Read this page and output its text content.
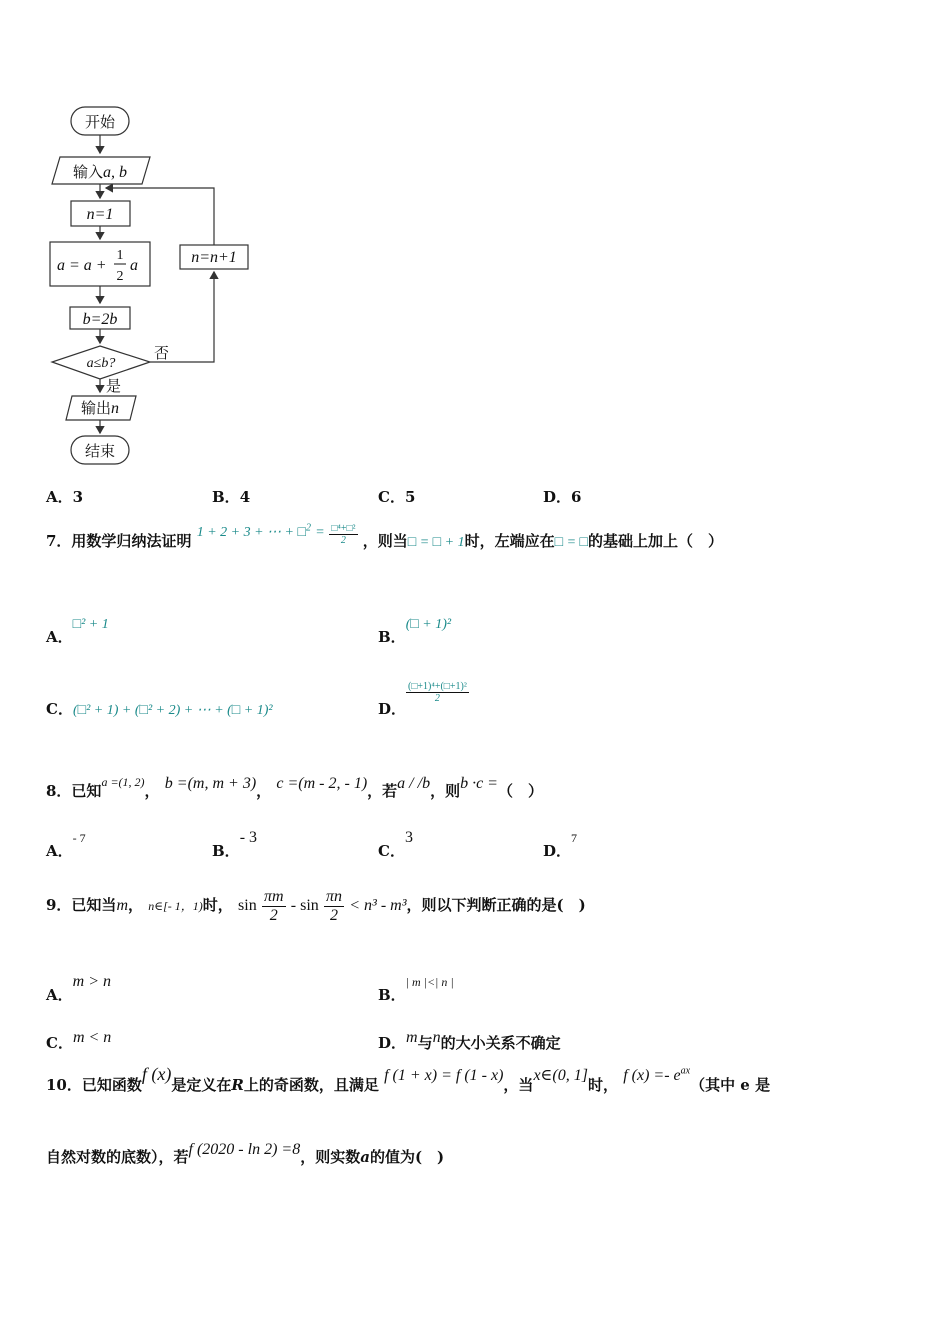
开始
输入a, b
n=1
a = a +
1
2
a
b=2b
a≤b?
否
是
n=n+1
输出n
结束
A．3	B．4	C．5	D．6
7．用数学归纳法证明 1 + 2 + 3 + ⋯ + □$^2$ = $\frac{\text{□⁴+□²}}{2}$ ，则当□ = □ + 1时，左端应在□ = □的基础上加上（　）
A．□² + 1
B．(□ + 1)²
C．(□² + 1) + (□² + 2) + ⋯ + (□ + 1)²	D．
$\frac{\text{(□+1)⁴+(□+1)²}}{2}$
8．已知a =(1, 2)， b =(m, m + 3)， c =(m - 2, - 1)，若a / /b，则b ·c =（　）
A．- 7
B．- 3
C．3
D．7
9．已知当m， n∈[- 1，1)时， $\sin \frac{\pi m}{2} - \sin \frac{\pi n}{2} < n^3 - m^3$，则以下判断正确的是(　)
A．m > n
B．| m |<| n |
C．m < n	D．m与n的大小关系不确定
10．已知函数f (x)是定义在R上的奇函数，且满足 f (1 + x) = f (1 - x)，当x∈(0, 1]时， f $(x) =- e^{ax}$（其中 e 是
自然对数的底数），若f (2020 - ln 2) =8，则实数a的值为(　)
